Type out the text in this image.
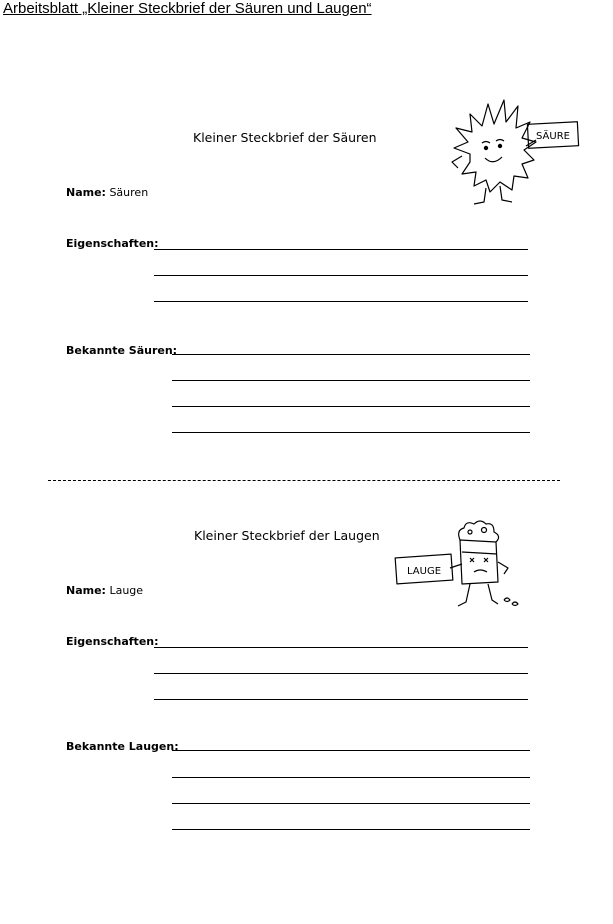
Arbeitsblatt „Kleiner Steckbrief der Säuren und Laugen“
Kleiner Steckbrief der Säuren	SÄURE
Name: Säuren
Eigenschaften:
Bekannte Säuren:
Kleiner Steckbrief der Laugen
LAUGE
Name: Lauge
Eigenschaften:
Bekannte Laugen:
